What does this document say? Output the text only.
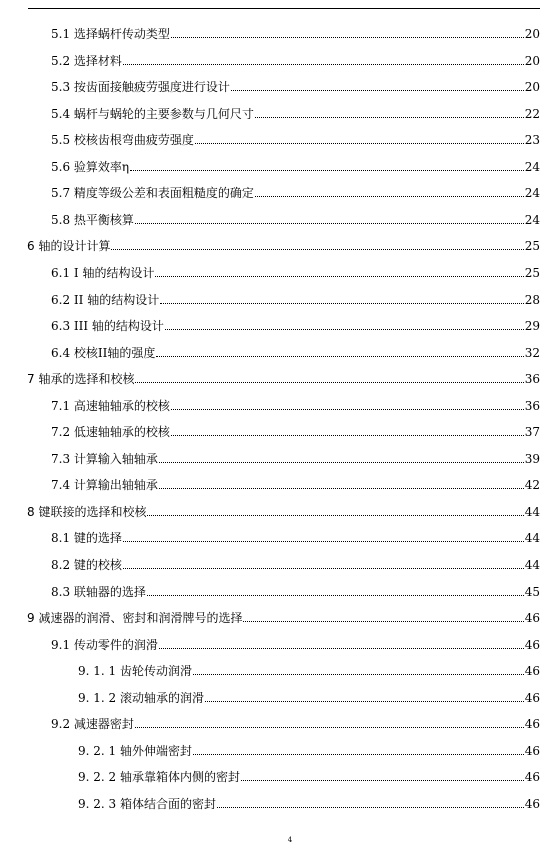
5.1 选择蜗杆传动类型	20
5.2 选择材料	20
5.3 按齿面接触疲劳强度进行设计	20
5.4 蜗杆与蜗轮的主要参数与几何尺寸	22
5.5 校核齿根弯曲疲劳强度	23
5.6 验算效率η	24
5.7 精度等级公差和表面粗糙度的确定	24
5.8 热平衡核算	24
6 轴的设计计算	25
6.1 I 轴的结构设计	25
6.2 II 轴的结构设计	28
6.3 III 轴的结构设计	29
6.4 校核II轴的强度	32
7 轴承的选择和校核	36
7.1 高速轴轴承的校核	36
7.2 低速轴轴承的校核	37
7.3 计算输入轴轴承	39
7.4 计算输出轴轴承	42
8 键联接的选择和校核	44
8.1 键的选择	44
8.2 键的校核	44
8.3 联轴器的选择	45
9 减速器的润滑、密封和润滑牌号的选择	46
9.1 传动零件的润滑	46
9. 1. 1 齿轮传动润滑	46
9. 1. 2 滚动轴承的润滑	46
9.2 减速器密封	46
9. 2. 1 轴外伸端密封	46
9. 2. 2 轴承靠箱体内侧的密封	46
9. 2. 3 箱体结合面的密封	46
4
